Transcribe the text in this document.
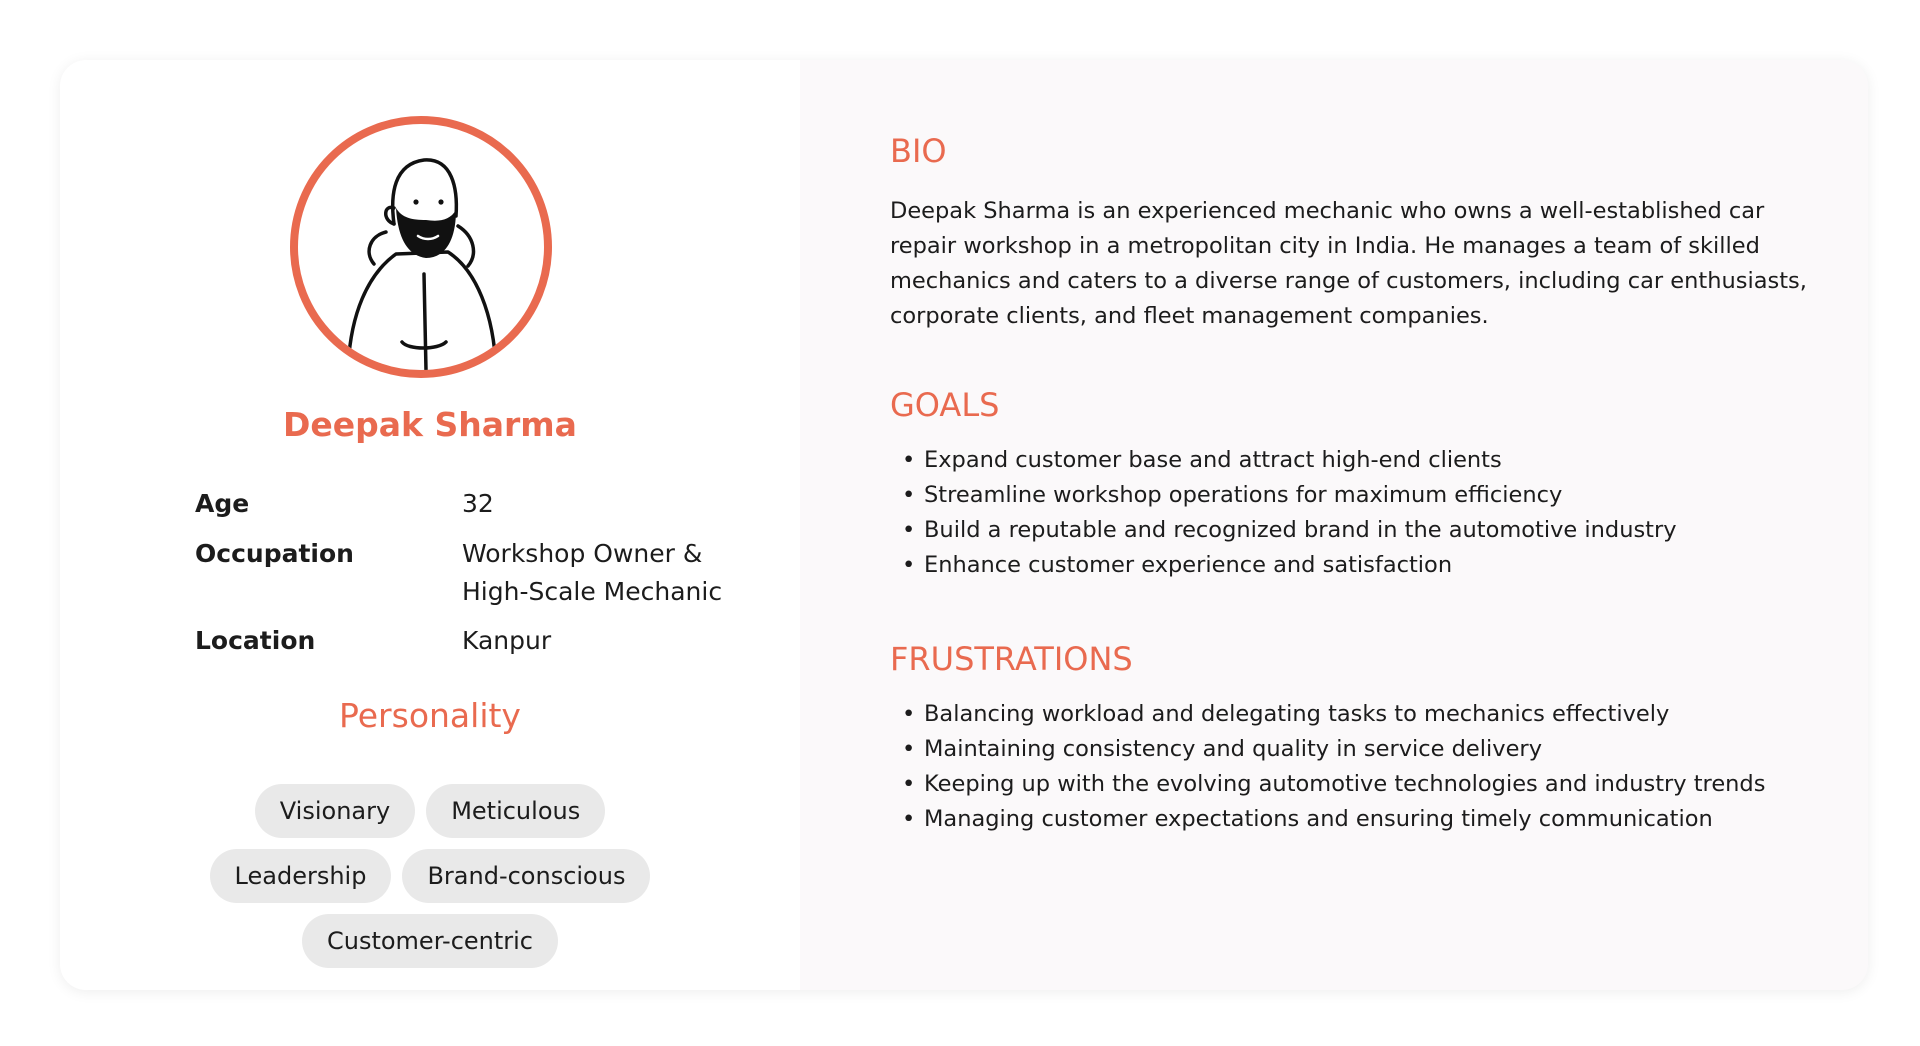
Deepak Sharma
Age	32
Occupation	Workshop Owner &
High-Scale Mechanic
Location	Kanpur
Personality
Visionary	Meticulous
Leadership	Brand-conscious
Customer-centric
BIO

Deepak Sharma is an experienced mechanic who owns a well-established car repair workshop in a metropolitan city in India. He manages a team of skilled mechanics and caters to a diverse range of customers, including car enthusiasts, corporate clients, and fleet management companies.

GOALS
• Expand customer base and attract high-end clients
• Streamline workshop operations for maximum efficiency
• Build a reputable and recognized brand in the automotive industry
• Enhance customer experience and satisfaction
FRUSTRATIONS
• Balancing workload and delegating tasks to mechanics effectively
• Maintaining consistency and quality in service delivery
• Keeping up with the evolving automotive technologies and industry trends
• Managing customer expectations and ensuring timely communication
